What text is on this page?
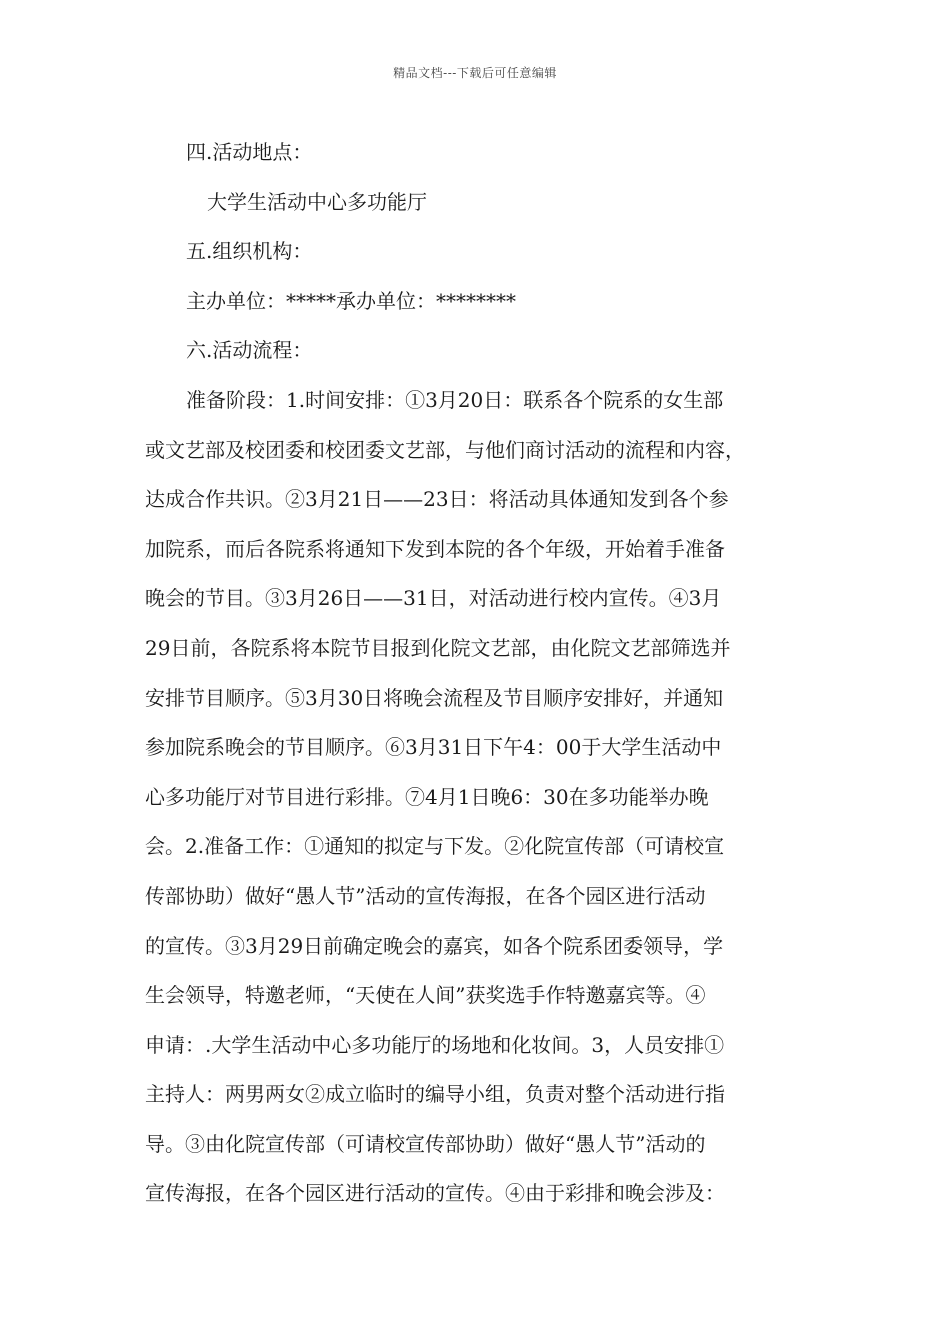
精品文档---下载后可任意编辑
四.活动地点：
大学生活动中心多功能厅
五.组织机构：
主办单位：*****承办单位：********
六.活动流程：
准备阶段：1.时间安排：①3月20日：联系各个院系的女生部
或文艺部及校团委和校团委文艺部，与他们商讨活动的流程和内容，
达成合作共识。②3月21日——23日：将活动具体通知发到各个参
加院系，而后各院系将通知下发到本院的各个年级，开始着手准备
晚会的节目。③3月26日——31日，对活动进行校内宣传。④3月
29日前，各院系将本院节目报到化院文艺部，由化院文艺部筛选并
安排节目顺序。⑤3月30日将晚会流程及节目顺序安排好，并通知
参加院系晚会的节目顺序。⑥3月31日下午4：00于大学生活动中
心多功能厅对节目进行彩排。⑦4月1日晚6：30在多功能举办晚
会。2.准备工作：①通知的拟定与下发。②化院宣传部（可请校宣
传部协助）做好“愚人节”活动的宣传海报，在各个园区进行活动
的宣传。③3月29日前确定晚会的嘉宾，如各个院系团委领导，学
生会领导，特邀老师，“天使在人间”获奖选手作特邀嘉宾等。④
申请：.大学生活动中心多功能厅的场地和化妆间。3，人员安排①
主持人：两男两女②成立临时的编导小组，负责对整个活动进行指
导。③由化院宣传部（可请校宣传部协助）做好“愚人节”活动的
宣传海报，在各个园区进行活动的宣传。④由于彩排和晚会涉及：
